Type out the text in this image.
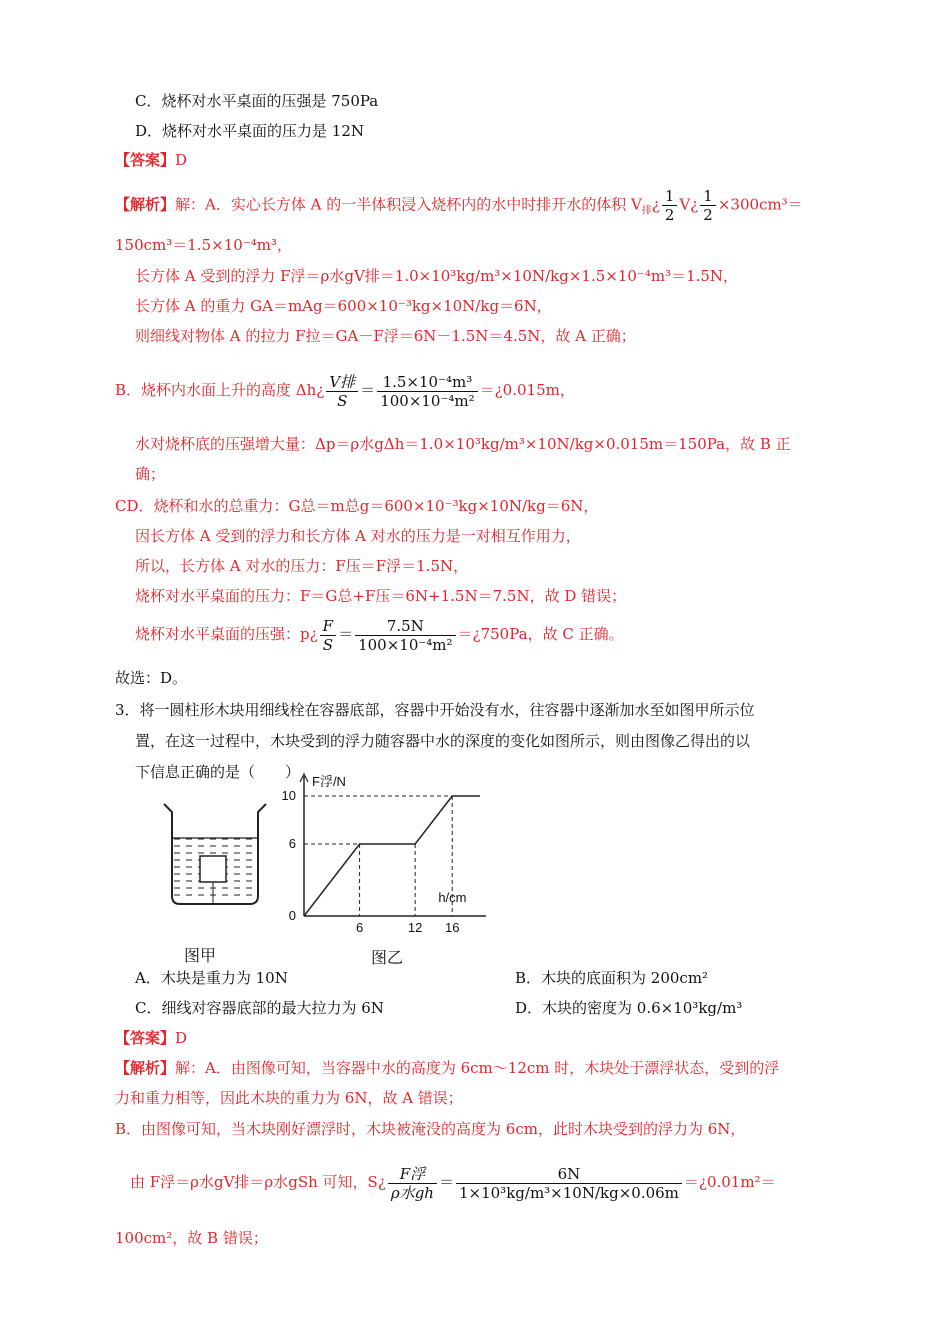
C．烧杯对水平桌面的压强是 750Pa
D．烧杯对水平桌面的压力是 12N
【答案】D
【解析】解：A．实心长方体 A 的一半体积浸入烧杯内的水中时排开水的体积 $V_排¿ \frac{1}{2}$ V¿ $\frac{1}{2} \times 300cm^3=$
150cm³＝1.5×10⁻⁴m³，
长方体 A 受到的浮力 F浮＝ρ水gV排＝1.0×10³kg/m³×10N/kg×1.5×10⁻⁴m³＝1.5N，
长方体 A 的重力 GA＝mAg＝600×10⁻³kg×10N/kg＝6N，
则细线对物体 A 的拉力 F拉＝GA－F浮＝6N－1.5N＝4.5N，故 A 正确；
B．烧杯内水面上升的高度 Δh¿ $\frac{\text{V排}}{S} = \frac{\text{1.5×10⁻⁴m³}}{\text{100×10⁻⁴m²}}$ ＝¿0.015m，
水对烧杯底的压强增大量：Δp＝ρ水gΔh＝1.0×10³kg/m³×10N/kg×0.015m＝150Pa，故 B 正
确；
CD．烧杯和水的总重力：G总＝m总g＝600×10⁻³kg×10N/kg＝6N，
因长方体 A 受到的浮力和长方体 A 对水的压力是一对相互作用力，
所以，长方体 A 对水的压力：F压＝F浮＝1.5N，
烧杯对水平桌面的压力：F＝G总+F压＝6N+1.5N＝7.5N，故 D 错误；
烧杯对水平桌面的压强：p¿ $\frac{F}{S} = \frac{7.5N}{\text{100×10⁻⁴m²}}$ ＝¿750Pa，故 C 正确。
故选：D。
3．将一圆柱形木块用细线栓在容器底部，容器中开始没有水，往容器中逐渐加水至如图甲所示位
置，在这一过程中，木块受到的浮力随容器中水的深度的变化如图所示，则由图像乙得出的以
下信息正确的是（　　）
图甲
F浮/N
h/cm
6	12 16
0
6
10
图乙
A．木块是重力为 10N	B．木块的底面积为 200cm²
C．细线对容器底部的最大拉力为 6N	D．木块的密度为 0.6×10³kg/m³
【答案】D
【解析】解：A．由图像可知，当容器中水的高度为 6cm～12cm 时，木块处于漂浮状态，受到的浮
力和重力相等，因此木块的重力为 6N，故 A 错误；
B．由图像可知，当木块刚好漂浮时，木块被淹没的高度为 6cm，此时木块受到的浮力为 6N，
由 F浮＝ρ水gV排＝ρ水gSh 可知，S¿ $\frac{\text{F浮}}{\text{ρ水gh}} = \frac{6N}{\text{1×10³kg/m³×10N/kg×0.06m}}$ ＝¿0.01m²＝
100cm²，故 B 错误；
